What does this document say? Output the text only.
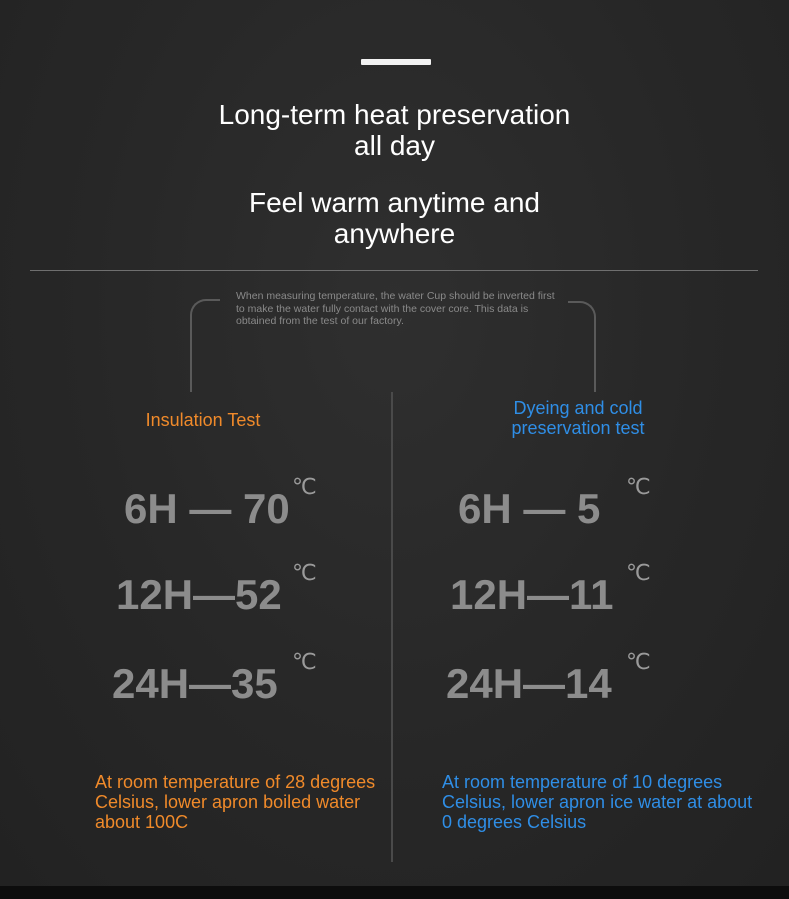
Long-term heat preservation
all day
Feel warm anytime and
anywhere
When measuring temperature, the water Cup should be inverted first to make the water fully contact with the cover core. This data is obtained from the test of our factory.
Insulation Test
6H — 70 ℃
12H—52 ℃
24H—35 ℃
At room temperature of 28 degrees Celsius, lower apron boiled water about 100C
Dyeing and cold
preservation test
6H — 5 ℃
12H—11 ℃
24H—14 ℃
At room temperature of 10 degrees Celsius, lower apron ice water at about 0 degrees Celsius
